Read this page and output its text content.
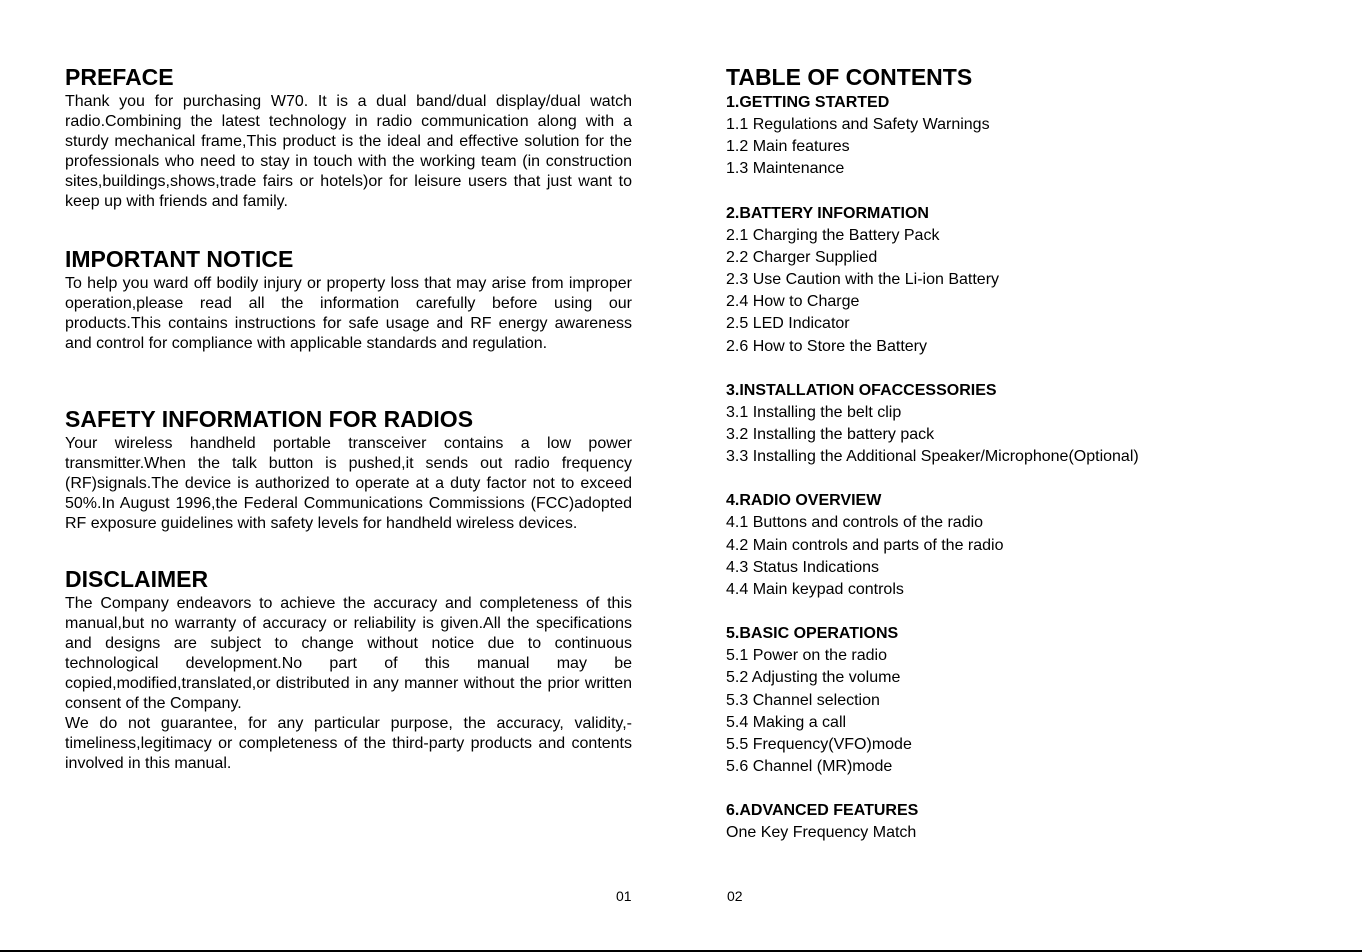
PREFACE

Thank you for purchasing W70. It is a dual band/dual display/dual watch radio.Combining the latest technology in radio communication along with a sturdy mechanical frame,This product is the ideal and effective solution for the professionals who need to stay in touch with the working team (in construction sites,buildings,shows,trade fairs or hotels)or for leisure users that just want to keep up with friends and family.

IMPORTANT NOTICE

To help you ward off bodily injury or property loss that may arise from improper operation,please read all the information carefully before using our products.This contains instructions for safe usage and RF energy awareness and control for compliance with applicable standards and regulation.

SAFETY INFORMATION FOR RADIOS

Your wireless handheld portable transceiver contains a low power transmitter.When the talk button is pushed,it sends out radio frequency (RF)signals.The device is authorized to operate at a duty factor not to exceed 50%.In August 1996,the Federal Communications Commissions (FCC)adopted RF exposure guidelines with safety levels for handheld wireless devices.

DISCLAIMER

The Company endeavors to achieve the accuracy and completeness of this manual,but no warranty of accuracy or reliability is given.All the specifications and designs are subject to change without notice due to continuous technological development.No part of this manual may be copied,modified,translated,or distributed in any manner without the prior written consent of the Company.

We do not guarantee, for any particular purpose, the accuracy, validity,-timeliness,legitimacy or completeness of the third-party products and contents involved in this manual.

01
TABLE OF CONTENTS
1.GETTING STARTED
1.1 Regulations and Safety Warnings
1.2 Main features
1.3 Maintenance
2.BATTERY INFORMATION
2.1 Charging the Battery Pack
2.2 Charger Supplied
2.3 Use Caution with the Li-ion Battery
2.4 How to Charge
2.5 LED Indicator
2.6 How to Store the Battery
3.INSTALLATION OFACCESSORIES
3.1 Installing the belt clip
3.2 Installing the battery pack
3.3 Installing the Additional Speaker/Microphone(Optional)
4.RADIO OVERVIEW
4.1 Buttons and controls of the radio
4.2 Main controls and parts of the radio
4.3 Status Indications
4.4 Main keypad controls
5.BASIC OPERATIONS
5.1 Power on the radio
5.2 Adjusting the volume
5.3 Channel selection
5.4 Making a call
5.5 Frequency(VFO)mode
5.6 Channel (MR)mode
6.ADVANCED FEATURES
One Key Frequency Match
02
